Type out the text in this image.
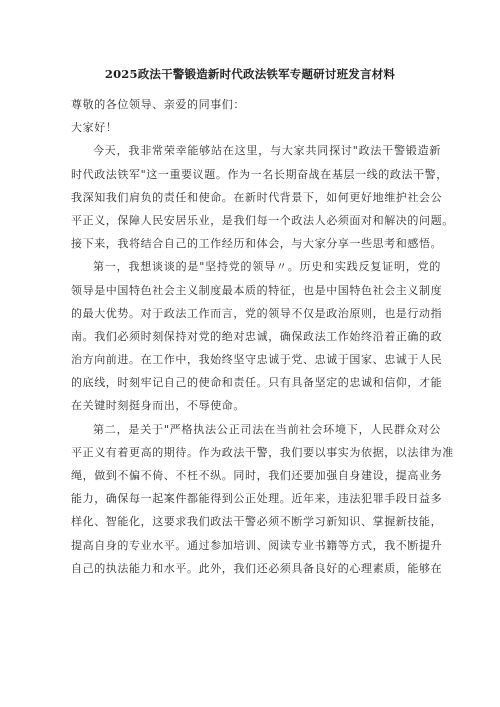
2025政法干警锻造新时代政法铁军专题研讨班发言材料
尊敬的各位领导、亲爱的同事们：
大家好！
今天，我非常荣幸能够站在这里，与大家共同探讨"政法干警锻造新
时代政法铁军"这一重要议题。作为一名长期奋战在基层一线的政法干警，
我深知我们肩负的责任和使命。在新时代背景下，如何更好地维护社会公
平正义，保障人民安居乐业，是我们每一个政法人必须面对和解决的问题。
接下来，我将结合自己的工作经历和体会，与大家分享一些思考和感悟。
第一，我想谈谈的是"坚持党的领导〃。历史和实践反复证明，党的
领导是中国特色社会主义制度最本质的特征，也是中国特色社会主义制度
的最大优势。对于政法工作而言，党的领导不仅是政治原则，也是行动指
南。我们必须时刻保持对党的绝对忠诚，确保政法工作始终沿着正确的政
治方向前进。在工作中，我始终坚守忠诚于党、忠诚于国家、忠诚于人民
的底线，时刻牢记自己的使命和责任。只有具备坚定的忠诚和信仰，才能
在关键时刻挺身而出，不辱使命。
第二，是关于"严格执法公正司法在当前社会环境下，人民群众对公
平正义有着更高的期待。作为政法干警，我们要以事实为依据，以法律为准
绳，做到不偏不倚、不枉不纵。同时，我们还要加强自身建设，提高业务
能力，确保每一起案件都能得到公正处理。近年来，违法犯罪手段日益多
样化、智能化，这要求我们政法干警必须不断学习新知识、掌握新技能，
提高自身的专业水平。通过参加培训、阅读专业书籍等方式，我不断提升
自己的执法能力和水平。此外，我们还必须具备良好的心理素质，能够在
